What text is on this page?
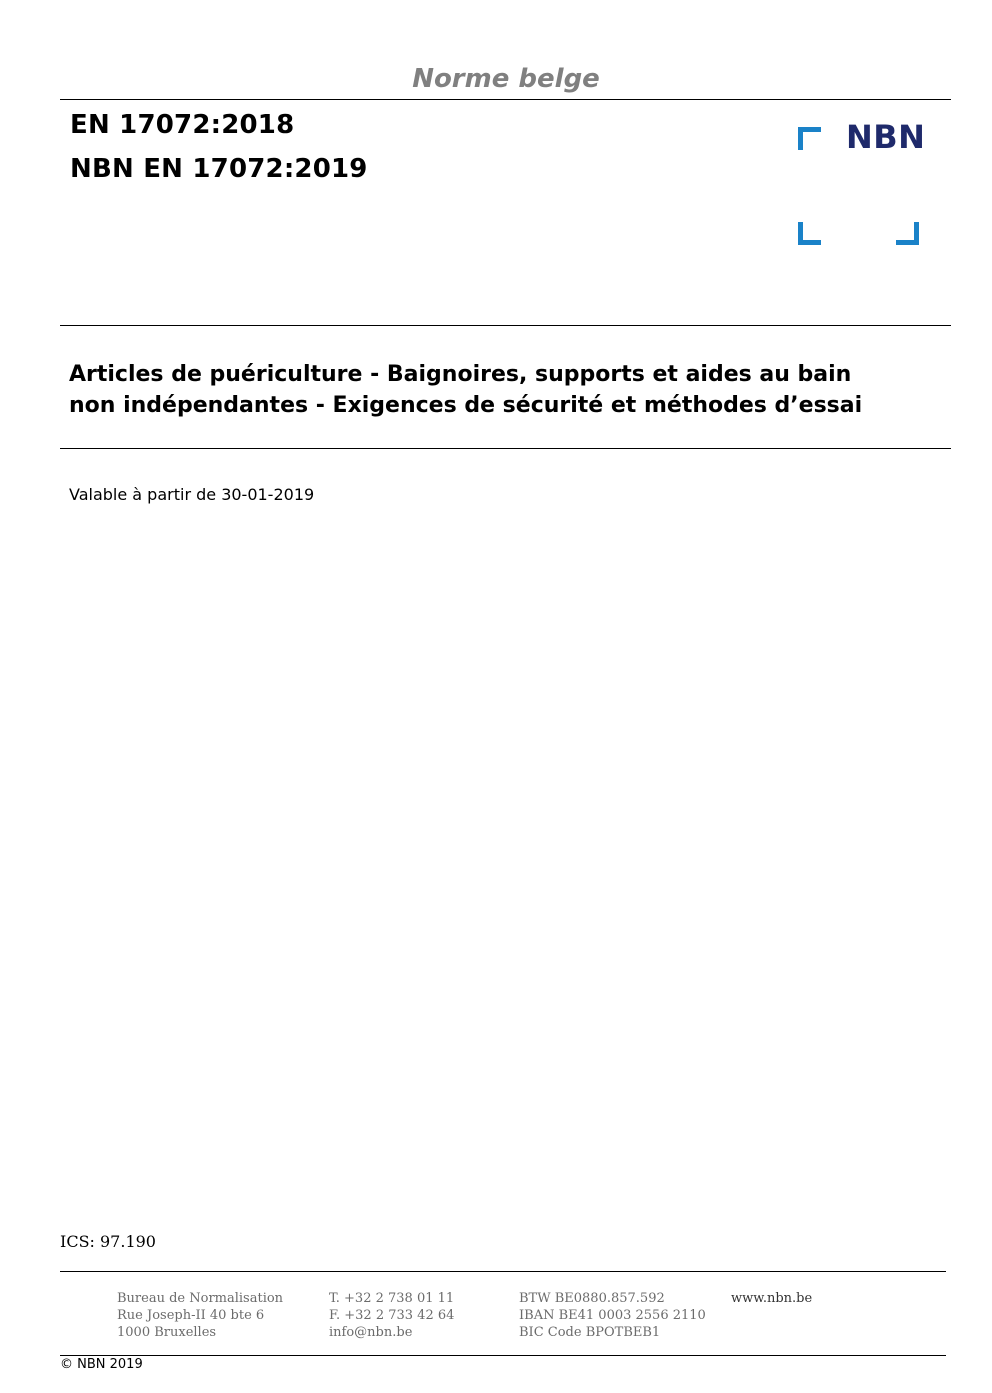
Norme belge
EN 17072:2018
NBN EN 17072:2019
NBN
Articles de puériculture - Baignoires, supports et aides au bain
non indépendantes - Exigences de sécurité et méthodes d’essai
Valable à partir de 30-01-2019
ICS: 97.190
Bureau de Normalisation
Rue Joseph-II 40 bte 6
1000 Bruxelles
T. +32 2 738 01 11
F. +32 2 733 42 64
info@nbn.be
BTW BE0880.857.592
IBAN BE41 0003 2556 2110
BIC Code BPOTBEB1
www.nbn.be
© NBN 2019
